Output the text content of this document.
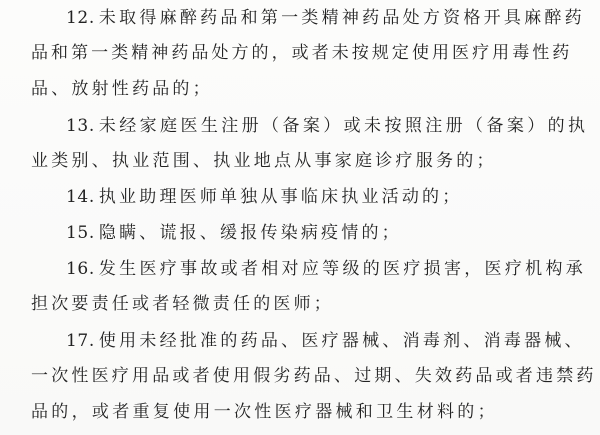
12. 未取得麻醉药品和第一类精神药品处方资格开具麻醉药
品和第一类精神药品处方的，或者未按规定使用医疗用毒性药
品、放射性药品的；
13. 未经家庭医生注册（备案）或未按照注册（备案）的执
业类别、执业范围、执业地点从事家庭诊疗服务的；
14. 执业助理医师单独从事临床执业活动的；
15. 隐瞒、谎报、缓报传染病疫情的；
16. 发生医疗事故或者相对应等级的医疗损害，医疗机构承
担次要责任或者轻微责任的医师；
17. 使用未经批准的药品、医疗器械、消毒剂、消毒器械、
一次性医疗用品或者使用假劣药品、过期、失效药品或者违禁药
品的，或者重复使用一次性医疗器械和卫生材料的；
